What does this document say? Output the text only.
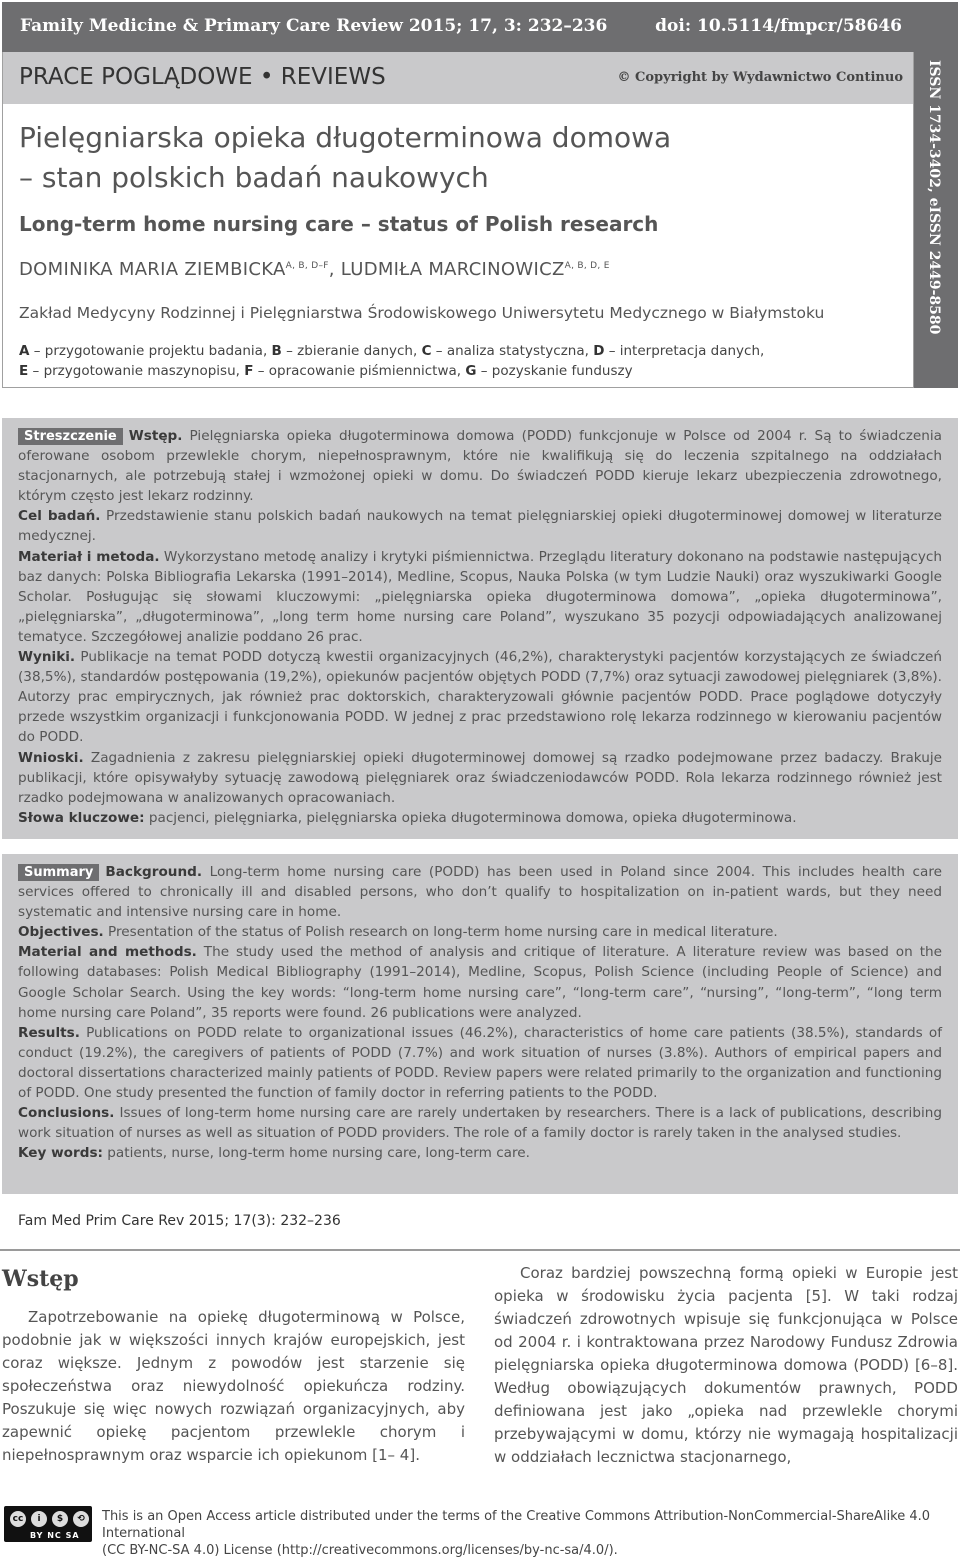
Family Medicine & Primary Care Review 2015; 17, 3: 232–236	doi: 10.5114/fmpcr/58646
PRACE POGLĄDOWE • REVIEWS	© Copyright by Wydawnictwo Continuo
Pielęgniarska opieka długoterminowa domowa
– stan polskich badań naukowych
Long-term home nursing care – status of Polish research
DOMINIKA MARIA $ZIEMBICKA^{A, B, D-F}$, LUDMIŁA $MARCINOWICZ^{A, B, D, E}$
Zakład Medycyny Rodzinnej i Pielęgniarstwa Środowiskowego Uniwersytetu Medycznego w Białymstoku
A – przygotowanie projektu badania, B – zbieranie danych, C – analiza statystyczna, D – interpretacja danych,
E – przygotowanie maszynopisu, F – opracowanie piśmiennictwa, G – pozyskanie funduszy
ISSN 1734-3402, eISSN 2449-8580

Streszczenie Wstęp. Pielęgniarska opieka długoterminowa domowa (PODD) funkcjonuje w Polsce od 2004 r. Są to świadczenia oferowane osobom przewlekle chorym, niepełnosprawnym, które nie kwalifikują się do leczenia szpitalnego na oddziałach stacjonarnych, ale potrzebują stałej i wzmożonej opieki w domu. Do świadczeń PODD kieruje lekarz ubezpieczenia zdrowotnego, którym często jest lekarz rodzinny.

Cel badań. Przedstawienie stanu polskich badań naukowych na temat pielęgniarskiej opieki długoterminowej domowej w literaturze medycznej.

Materiał i metoda. Wykorzystano metodę analizy i krytyki piśmiennictwa. Przeglądu literatury dokonano na podstawie następujących baz danych: Polska Bibliografia Lekarska (1991–2014), Medline, Scopus, Nauka Polska (w tym Ludzie Nauki) oraz wyszukiwarki Google Scholar. Posługując się słowami kluczowymi: „pielęgniarska opieka długoterminowa domowa”, „opieka długoterminowa”, „pielęgniarska”, „długoterminowa”, „long term home nursing care Poland”, wyszukano 35 pozycji odpowiadających analizowanej tematyce. Szczegółowej analizie poddano 26 prac.

Wyniki. Publikacje na temat PODD dotyczą kwestii organizacyjnych (46,2%), charakterystyki pacjentów korzystających ze świadczeń (38,5%), standardów postępowania (19,2%), opiekunów pacjentów objętych PODD (7,7%) oraz sytuacji zawodowej pielęgniarek (3,8%). Autorzy prac empirycznych, jak również prac doktorskich, charakteryzowali głównie pacjentów PODD. Prace poglądowe dotyczyły przede wszystkim organizacji i funkcjonowania PODD. W jednej z prac przedstawiono rolę lekarza rodzinnego w kierowaniu pacjentów do PODD.

Wnioski. Zagadnienia z zakresu pielęgniarskiej opieki długoterminowej domowej są rzadko podejmowane przez badaczy. Brakuje publikacji, które opisywałyby sytuację zawodową pielęgniarek oraz świadczeniodawców PODD. Rola lekarza rodzinnego również jest rzadko podejmowana w analizowanych opracowaniach.

Słowa kluczowe: pacjenci, pielęgniarka, pielęgniarska opieka długoterminowa domowa, opieka długoterminowa.

Summary Background. Long-term home nursing care (PODD) has been used in Poland since 2004. This includes health care services offered to chronically ill and disabled persons, who don’t qualify to hospitalization on in-patient wards, but they need systematic and intensive nursing care in home.

Objectives. Presentation of the status of Polish research on long-term home nursing care in medical literature.

Material and methods. The study used the method of analysis and critique of literature. A literature review was based on the following databases: Polish Medical Bibliography (1991–2014), Medline, Scopus, Polish Science (including People of Science) and Google Scholar Search. Using the key words: “long-term home nursing care”, “long-term care”, “nursing”, “long-term”, “long term home nursing care Poland”, 35 reports were found. 26 publications were analyzed.

Results. Publications on PODD relate to organizational issues (46.2%), characteristics of home care patients (38.5%), standards of conduct (19.2%), the caregivers of patients of PODD (7.7%) and work situation of nurses (3.8%). Authors of empirical papers and doctoral dissertations characterized mainly patients of PODD. Review papers were related primarily to the organization and functioning of PODD. One study presented the function of family doctor in referring patients to the PODD.

Conclusions. Issues of long-term home nursing care are rarely undertaken by researchers. There is a lack of publications, describing work situation of nurses as well as situation of PODD providers. The role of a family doctor is rarely taken in the analysed studies.

Key words: patients, nurse, long-term home nursing care, long-term care.

Fam Med Prim Care Rev 2015; 17(3): 232–236
Wstęp

Zapotrzebowanie na opiekę długoterminową w Polsce, podobnie jak w większości innych krajów europejskich, jest coraz większe. Jednym z powodów jest starzenie się społeczeństwa oraz niewydolność opiekuńcza rodziny. Poszukuje się więc nowych rozwiązań organizacyjnych, aby zapewnić opiekę pacjentom przewlekle chorym i niepełnosprawnym oraz wsparcie ich opiekunom [1– 4].

Coraz bardziej powszechną formą opieki w Europie jest opieka w środowisku życia pacjenta [5]. W taki rodzaj świadczeń zdrowotnych wpisuje się funkcjonująca w Polsce od 2004 r. i kontraktowana przez Narodowy Fundusz Zdrowia pielęgniarska opieka długoterminowa domowa (PODD) [6–8]. Według obowiązujących dokumentów prawnych, PODD definiowana jest jako „opieka nad przewlekle chorymi przebywającymi w domu, którzy nie wymagają hospitalizacji w oddziałach lecznictwa stacjonarnego,

cc	i	$	⟲
BY NC SA
This is an Open Access article distributed under the terms of the Creative Commons Attribution-NonCommercial-ShareAlike 4.0 International
(CC BY-NC-SA 4.0) License (http://creativecommons.org/licenses/by-nc-sa/4.0/).
